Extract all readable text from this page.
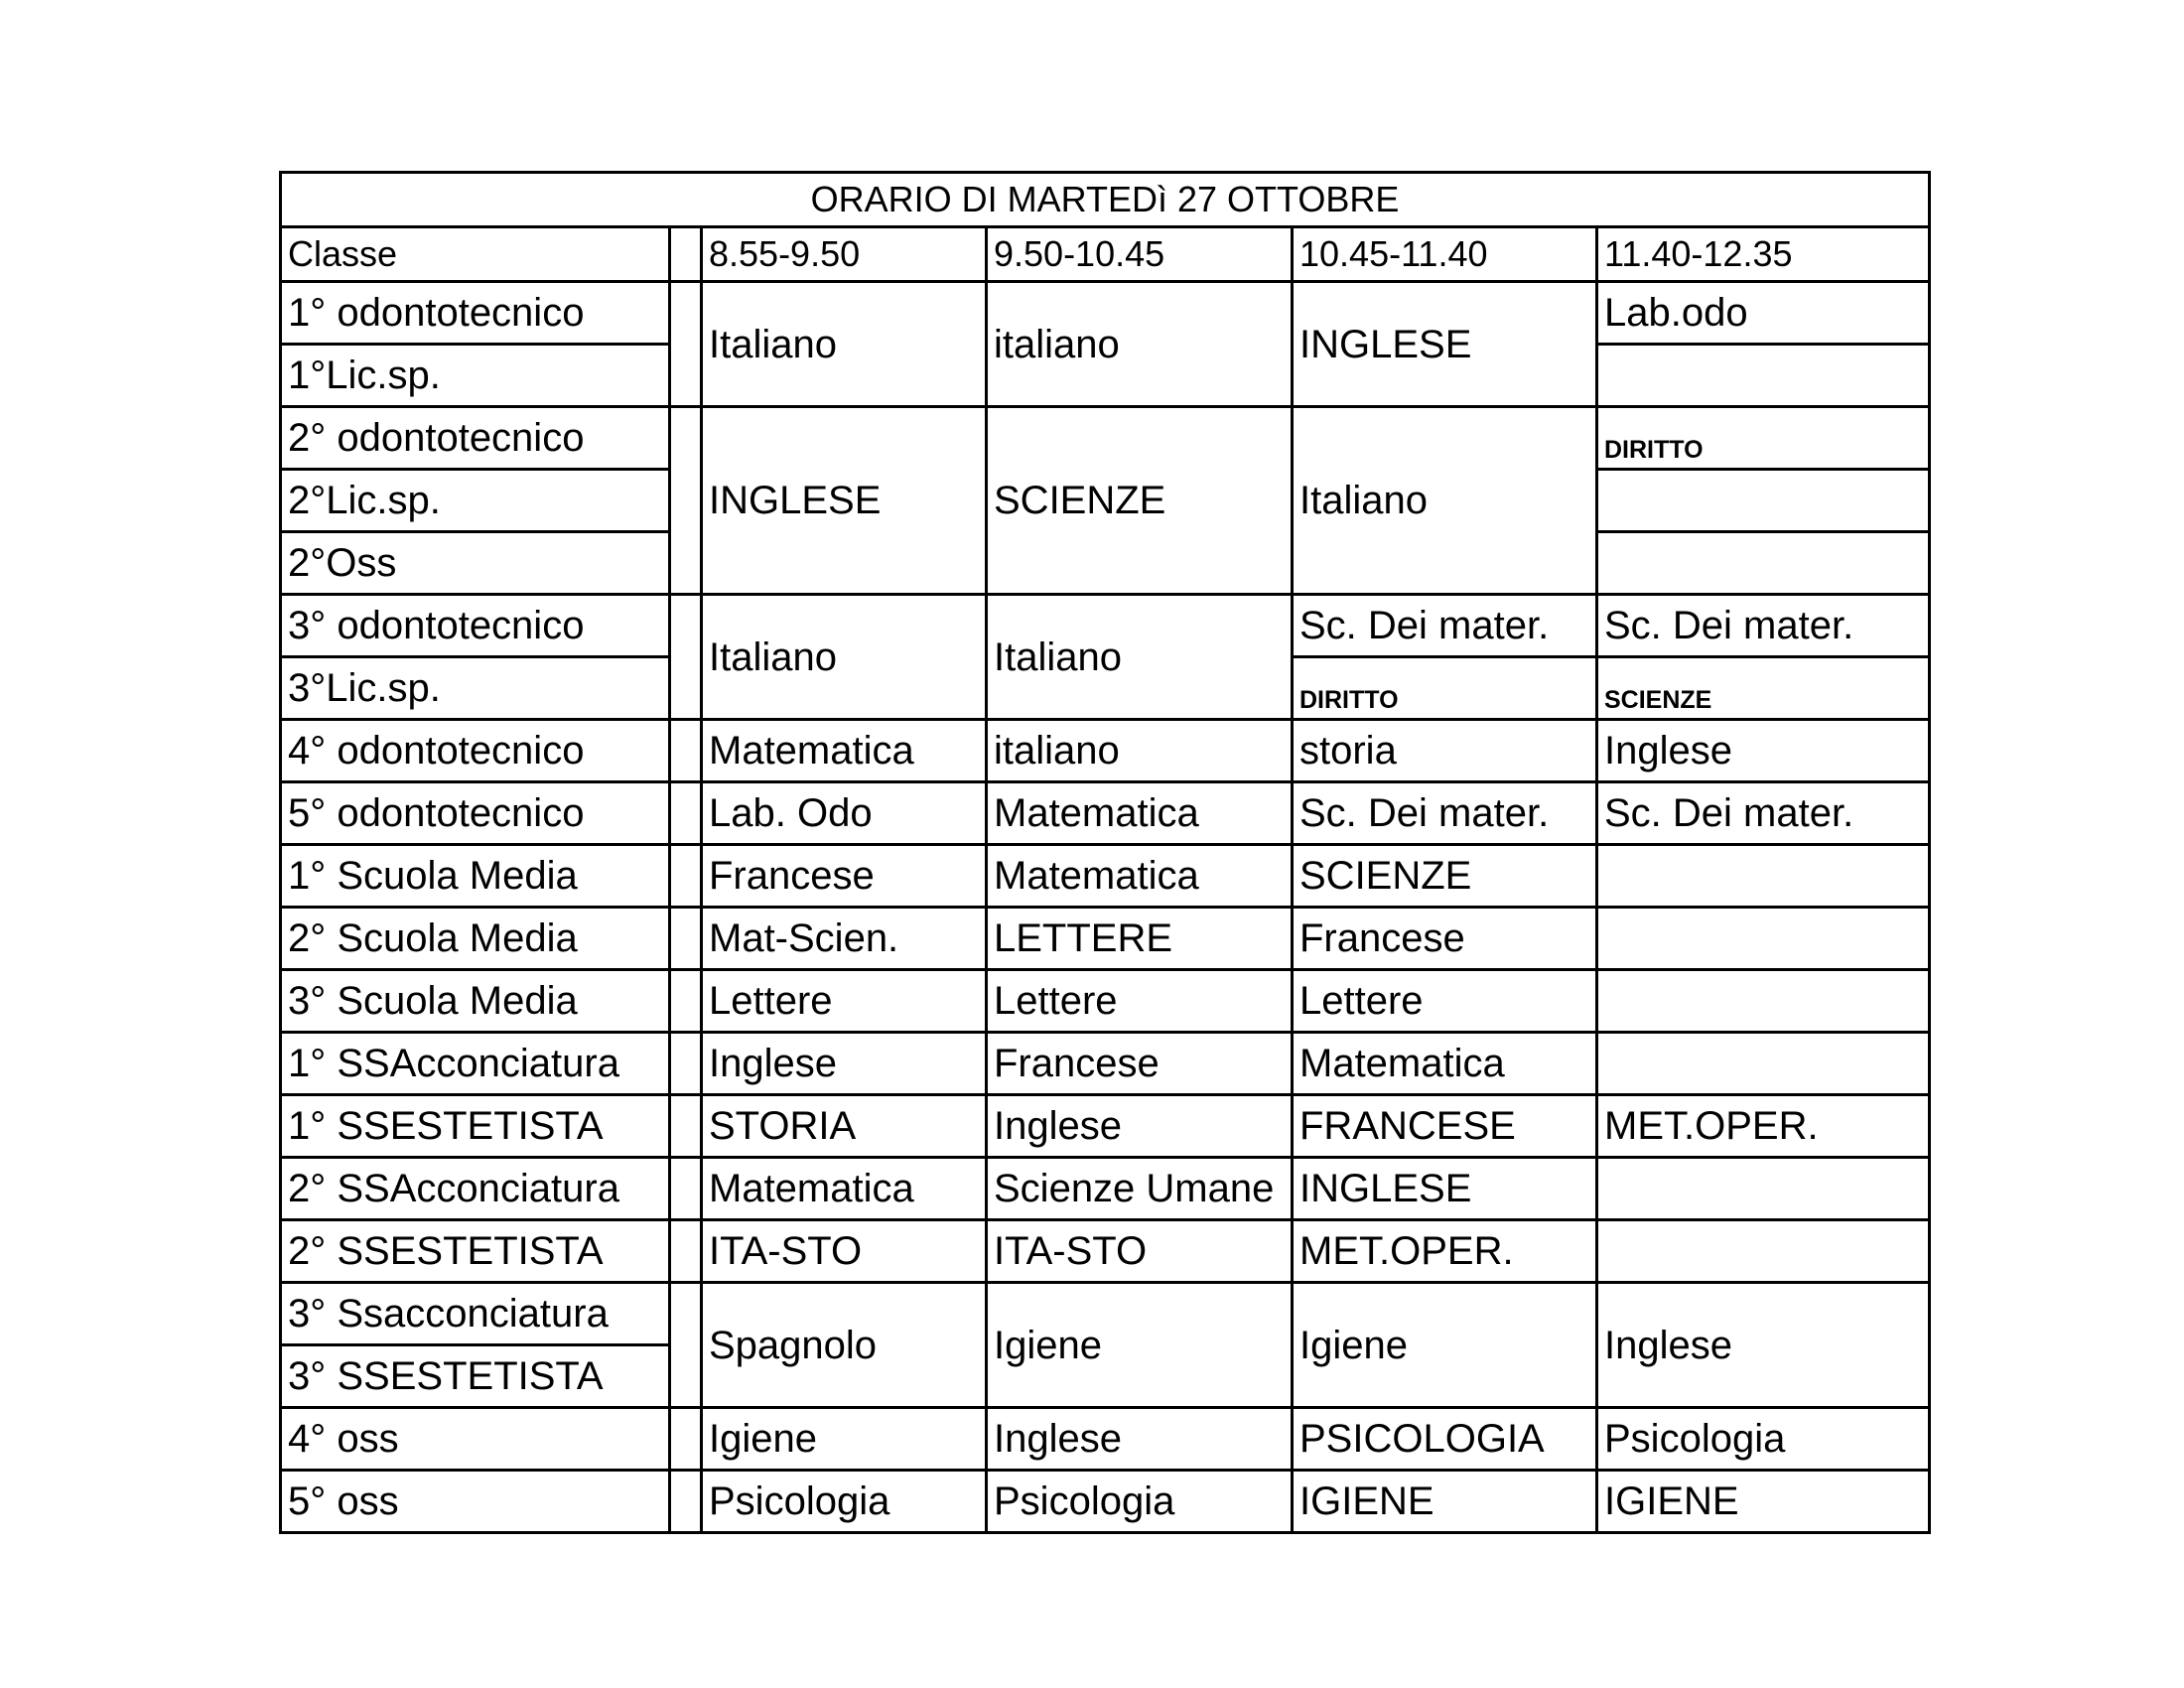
ORARIO DI MARTEDì 27 OTTOBRE					
Classe		8.55-9.50	9.50-10.45	10.45-11.40	11.40-12.35
1° odontotecnico		Italiano	italiano	INGLESE	Lab.odo
1°Lic.sp.					
2° odontotecnico		INGLESE	SCIENZE	Italiano	DIRITTO
2°Lic.sp.					
2°Oss					
3° odontotecnico		Italiano	Italiano	Sc. Dei mater.	Sc. Dei mater.
3°Lic.sp.				DIRITTO	SCIENZE
4° odontotecnico		Matematica	italiano	storia	Inglese
5° odontotecnico		Lab. Odo	Matematica	Sc. Dei mater.	Sc. Dei mater.
1° Scuola Media		Francese	Matematica	SCIENZE	
2° Scuola Media		Mat-Scien.	LETTERE	Francese	
3° Scuola Media		Lettere	Lettere	Lettere	
1° SSAcconciatura		Inglese	Francese	Matematica	
1° SSESTETISTA		STORIA	Inglese	FRANCESE	MET.OPER.
2° SSAcconciatura		Matematica	Scienze Umane	INGLESE	
2° SSESTETISTA		ITA-STO	ITA-STO	MET.OPER.	
3° Ssacconciatura		Spagnolo	Igiene	Igiene	Inglese
3° SSESTETISTA					
4° oss		Igiene	Inglese	PSICOLOGIA	Psicologia
5° oss		Psicologia	Psicologia	IGIENE	IGIENE
